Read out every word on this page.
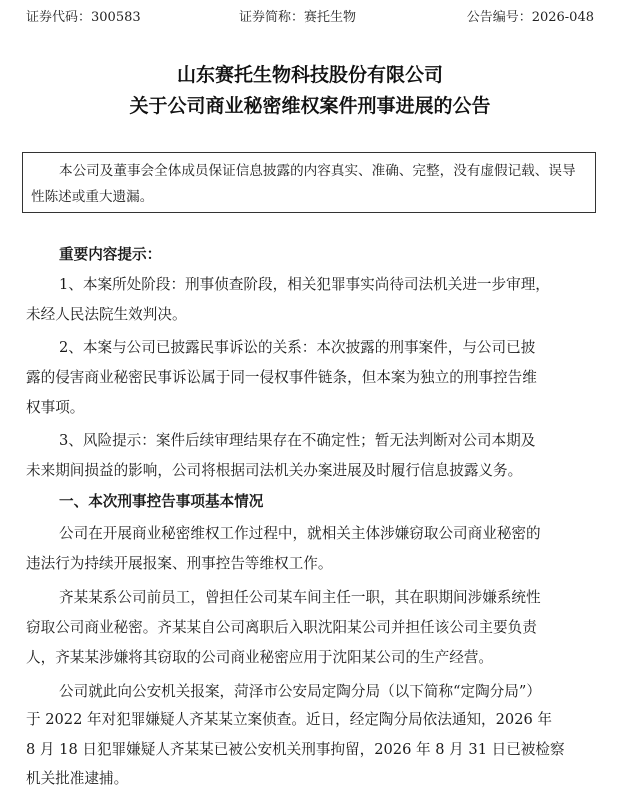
证券代码：300583	证券简称：赛托生物	公告编号：2026-048
山东赛托生物科技股份有限公司
关于公司商业秘密维权案件刑事进展的公告
本公司及董事会全体成员保证信息披露的内容真实、准确、完整，没有虚假记载、误导
性陈述或重大遗漏。
重要内容提示：
1、本案所处阶段：刑事侦查阶段，相关犯罪事实尚待司法机关进一步审理，
未经人民法院生效判决。
2、本案与公司已披露民事诉讼的关系：本次披露的刑事案件，与公司已披
露的侵害商业秘密民事诉讼属于同一侵权事件链条，但本案为独立的刑事控告维
权事项。
3、风险提示：案件后续审理结果存在不确定性；暂无法判断对公司本期及
未来期间损益的影响，公司将根据司法机关办案进展及时履行信息披露义务。
一、本次刑事控告事项基本情况
公司在开展商业秘密维权工作过程中，就相关主体涉嫌窃取公司商业秘密的
违法行为持续开展报案、刑事控告等维权工作。
齐某某系公司前员工，曾担任公司某车间主任一职，其在职期间涉嫌系统性
窃取公司商业秘密。齐某某自公司离职后入职沈阳某公司并担任该公司主要负责
人，齐某某涉嫌将其窃取的公司商业秘密应用于沈阳某公司的生产经营。
公司就此向公安机关报案，菏泽市公安局定陶分局（以下简称“定陶分局”）
于 2022 年对犯罪嫌疑人齐某某立案侦查。近日，经定陶分局依法通知，2026 年
8 月 18 日犯罪嫌疑人齐某某已被公安机关刑事拘留，2026 年 8 月 31 日已被检察
机关批准逮捕。
